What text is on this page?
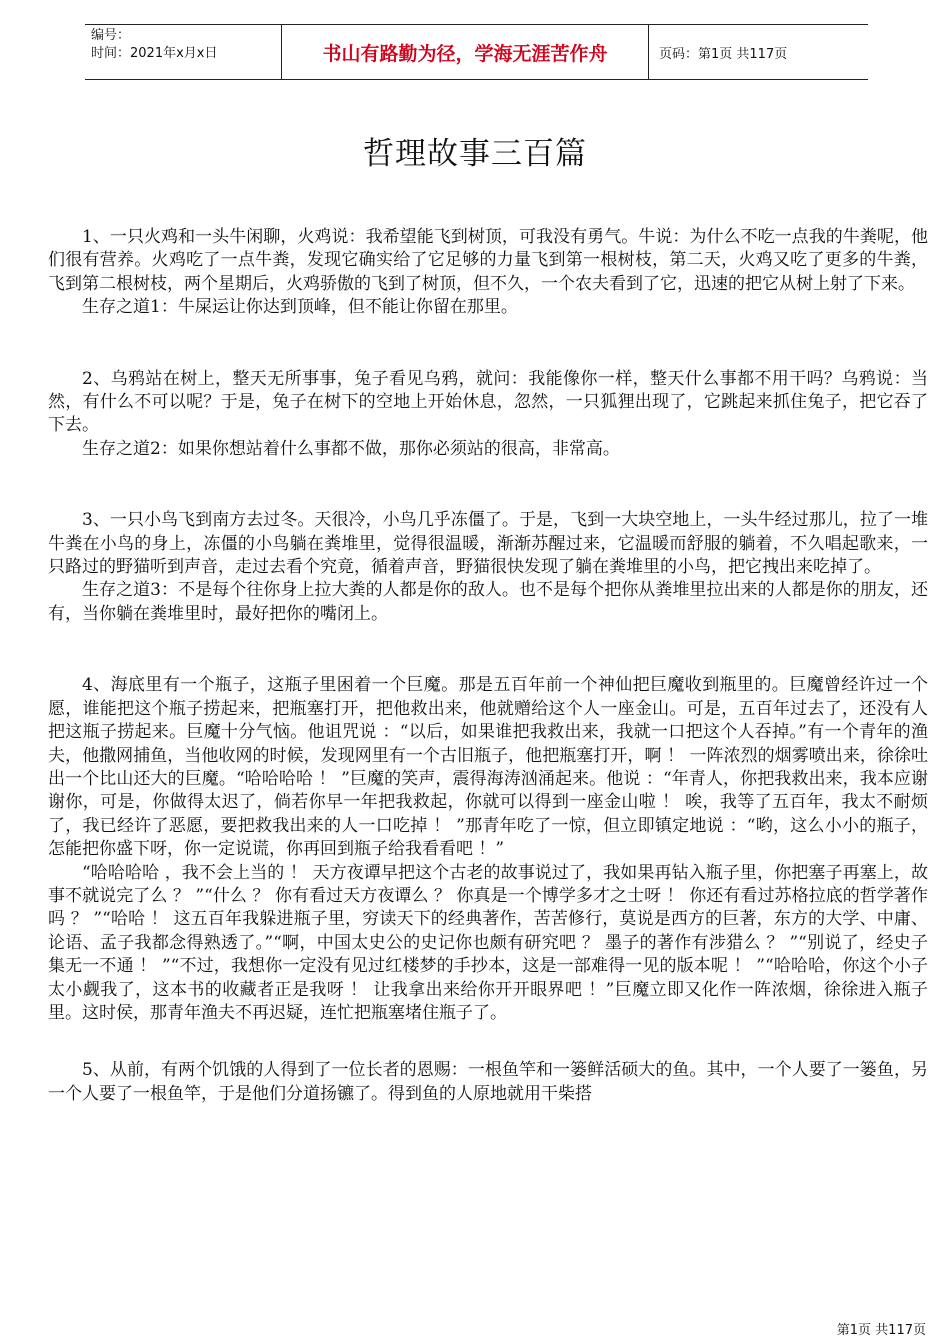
编号：
时间：2021年x月x日	书山有路勤为径，学海无涯苦作舟	页码：第1页 共117页
哲理故事三百篇

1、一只火鸡和一头牛闲聊，火鸡说：我希望能飞到树顶，可我没有勇气。牛说：为什么不吃一点我的牛粪呢，他们很有营养。火鸡吃了一点牛粪，发现它确实给了它足够的力量飞到第一根树枝，第二天，火鸡又吃了更多的牛粪，飞到第二根树枝，两个星期后，火鸡骄傲的飞到了树顶，但不久，一个农夫看到了它，迅速的把它从树上射了下来。

生存之道1：牛屎运让你达到顶峰，但不能让你留在那里。

2、乌鸦站在树上，整天无所事事，兔子看见乌鸦，就问：我能像你一样，整天什么事都不用干吗？乌鸦说：当然，有什么不可以呢？于是，兔子在树下的空地上开始休息，忽然，一只狐狸出现了，它跳起来抓住兔子，把它吞了下去。

生存之道2：如果你想站着什么事都不做，那你必须站的很高，非常高。

3、一只小鸟飞到南方去过冬。天很冷，小鸟几乎冻僵了。于是，飞到一大块空地上，一头牛经过那儿，拉了一堆牛粪在小鸟的身上，冻僵的小鸟躺在粪堆里，觉得很温暖，渐渐苏醒过来，它温暖而舒服的躺着，不久唱起歌来，一只路过的野猫听到声音，走过去看个究竟，循着声音，野猫很快发现了躺在粪堆里的小鸟，把它拽出来吃掉了。

生存之道3：不是每个往你身上拉大粪的人都是你的敌人。也不是每个把你从粪堆里拉出来的人都是你的朋友，还有，当你躺在粪堆里时，最好把你的嘴闭上。

4、海底里有一个瓶子，这瓶子里困着一个巨魔。那是五百年前一个神仙把巨魔收到瓶里的。巨魔曾经许过一个愿，谁能把这个瓶子捞起来，把瓶塞打开，把他救出来，他就赠给这个人一座金山。可是，五百年过去了，还没有人把这瓶子捞起来。巨魔十分气恼。他诅咒说 ：“以后，如果谁把我救出来，我就一口把这个人吞掉。”有一个青年的渔夫，他撒网捕鱼，当他收网的时候，发现网里有一个古旧瓶子，他把瓶塞打开，啊 ！ 一阵浓烈的烟雾喷出来，徐徐吐出一个比山还大的巨魔。“哈哈哈哈 ！ ”巨魔的笑声，震得海涛汹涌起来。他说 ：“年青人，你把我救出来，我本应谢谢你，可是，你做得太迟了，倘若你早一年把我救起，你就可以得到一座金山啦 ！ 唉，我等了五百年，我太不耐烦了，我已经许了恶愿，要把救我出来的人一口吃掉 ！ ”那青年吃了一惊，但立即镇定地说 ：“哟，这么小小的瓶子，怎能把你盛下呀，你一定说谎，你再回到瓶子给我看看吧 ！”

“哈哈哈哈 ，我不会上当的 ！ 天方夜谭早把这个古老的故事说过了，我如果再钻入瓶子里，你把塞子再塞上，故事不就说完了么 ？ ”“什么 ？ 你有看过天方夜谭么 ？ 你真是一个博学多才之士呀 ！ 你还有看过苏格拉底的哲学著作吗 ？ ”“哈哈 ！ 这五百年我躲进瓶子里，穷读天下的经典著作，苦苦修行，莫说是西方的巨著，东方的大学、中庸、论语、孟子我都念得熟透了。”“啊，中国太史公的史记你也颇有研究吧 ？ 墨子的著作有涉猎么 ？ ”“别说了，经史子集无一不通 ！ ”“不过，我想你一定没有见过红楼梦的手抄本，这是一部难得一见的版本呢 ！ ”“哈哈哈，你这个小子太小觑我了，这本书的收藏者正是我呀 ！ 让我拿出来给你开开眼界吧 ！”巨魔立即又化作一阵浓烟，徐徐进入瓶子里。这时侯，那青年渔夫不再迟疑，连忙把瓶塞堵住瓶子了。

5、从前，有两个饥饿的人得到了一位长者的恩赐：一根鱼竿和一篓鲜活硕大的鱼。其中，一个人要了一篓鱼，另一个人要了一根鱼竿，于是他们分道扬镳了。得到鱼的人原地就用干柴搭

第1页 共117页
